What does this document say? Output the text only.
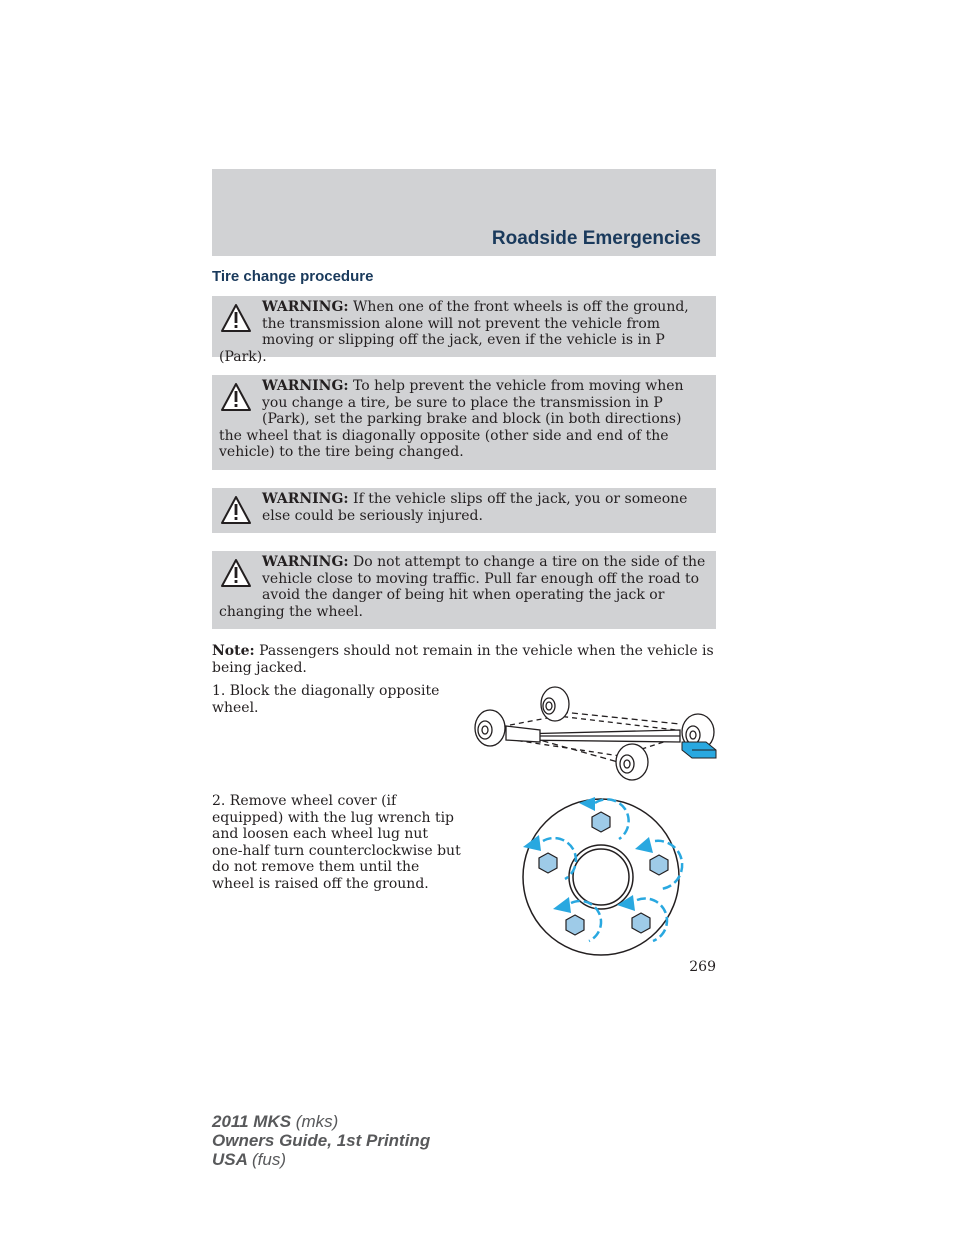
Roadside Emergencies
Tire change procedure
WARNING: When one of the front wheels is off the ground, the transmission alone will not prevent the vehicle from moving or slipping off the jack, even if the vehicle is in P (Park).
WARNING: To help prevent the vehicle from moving when you change a tire, be sure to place the transmission in P (Park), set the parking brake and block (in both directions) the wheel that is diagonally opposite (other side and end of the vehicle) to the tire being changed.
WARNING: If the vehicle slips off the jack, you or someone else could be seriously injured.
WARNING: Do not attempt to change a tire on the side of the vehicle close to moving traffic. Pull far enough off the road to avoid the danger of being hit when operating the jack or changing the wheel.
Note: Passengers should not remain in the vehicle when the vehicle is being jacked.
1. Block the diagonally opposite wheel.
2. Remove wheel cover (if equipped) with the lug wrench tip and loosen each wheel lug nut one-half turn counterclockwise but do not remove them until the wheel is raised off the ground.
269
2011 MKS (mks)
Owners Guide, 1st Printing
USA (fus)
